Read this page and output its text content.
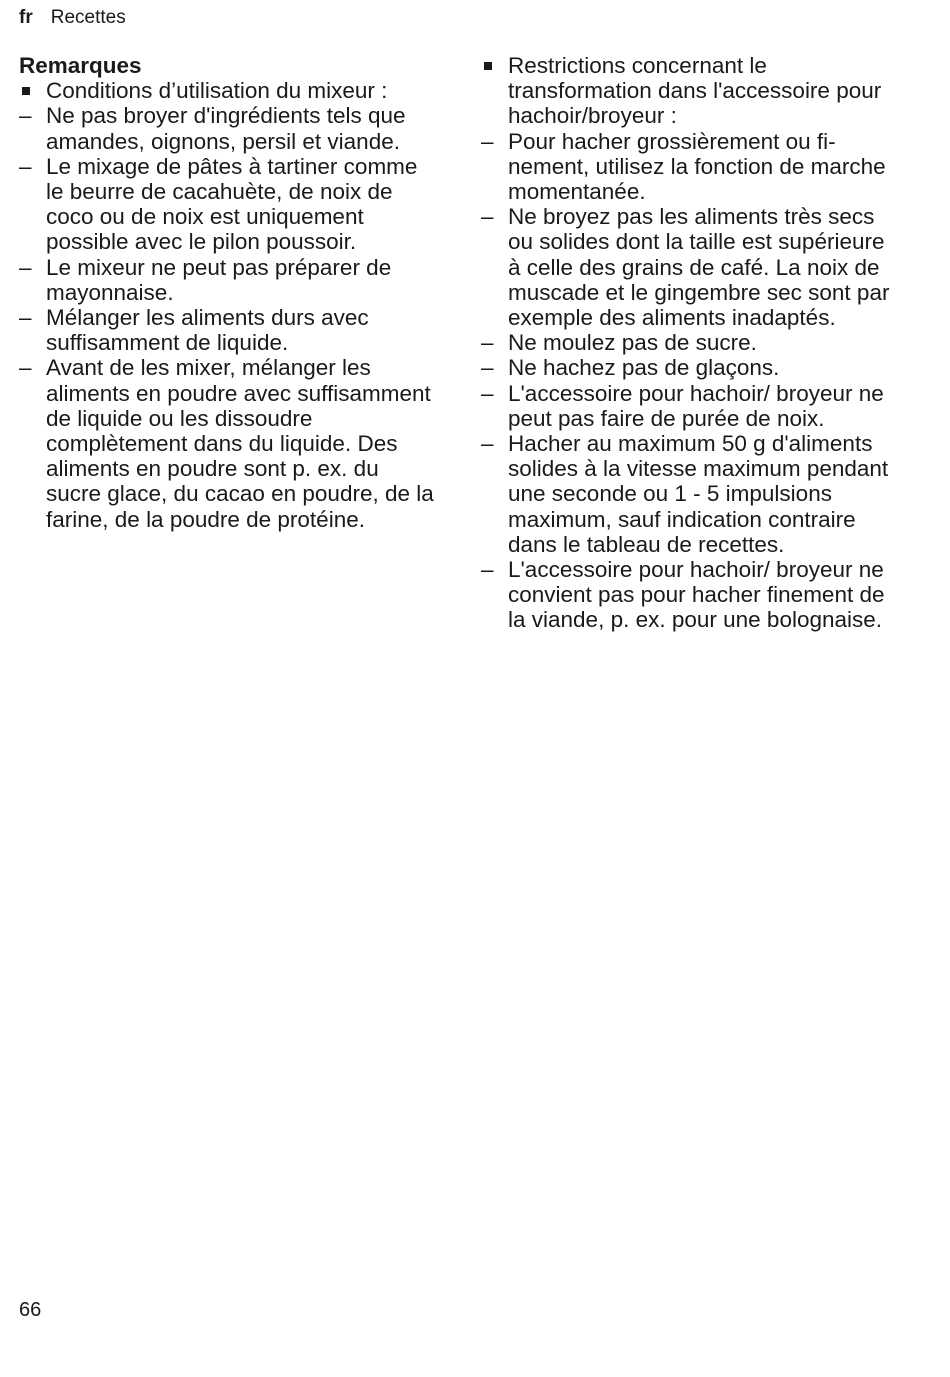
fr Recettes

Remarques

Conditions d’utilisation du mixeur :
– Ne pas broyer d'ingrédients tels que amandes, oignons, persil et viande.
– Le mixage de pâtes à tartiner comme le beurre de cacahuète, de noix de coco ou de noix est uniquement possible avec le pilon poussoir.
– Le mixeur ne peut pas préparer de mayonnaise.
– Mélanger les aliments durs avec suffisamment de liquide.
– Avant de les mixer, mélanger les aliments en poudre avec suffisamment de liquide ou les dissoudre complètement dans du liquide. Des aliments en poudre sont p. ex. du sucre glace, du cacao en poudre, de la farine, de la poudre de protéine.
Restrictions concernant le transformation dans l'accessoire pour hachoir/broyeur :
– Pour hacher grossièrement ou finement, utilisez la fonction de marche momentanée.
– Ne broyez pas les aliments très secs ou solides dont la taille est supérieure à celle des grains de café. La noix de muscade et le gingembre sec sont par exemple des aliments inadaptés.
– Ne moulez pas de sucre.
– Ne hachez pas de glaçons.
– L'accessoire pour hachoir/ broyeur ne peut pas faire de purée de noix.
– Hacher au maximum 50 g d'aliments solides à la vitesse maximum pendant une seconde ou 1 - 5 impulsions maximum, sauf indication contraire dans le tableau de recettes.
– L'accessoire pour hachoir/ broyeur ne convient pas pour hacher finement de la viande, p. ex. pour une bolognaise.
66
